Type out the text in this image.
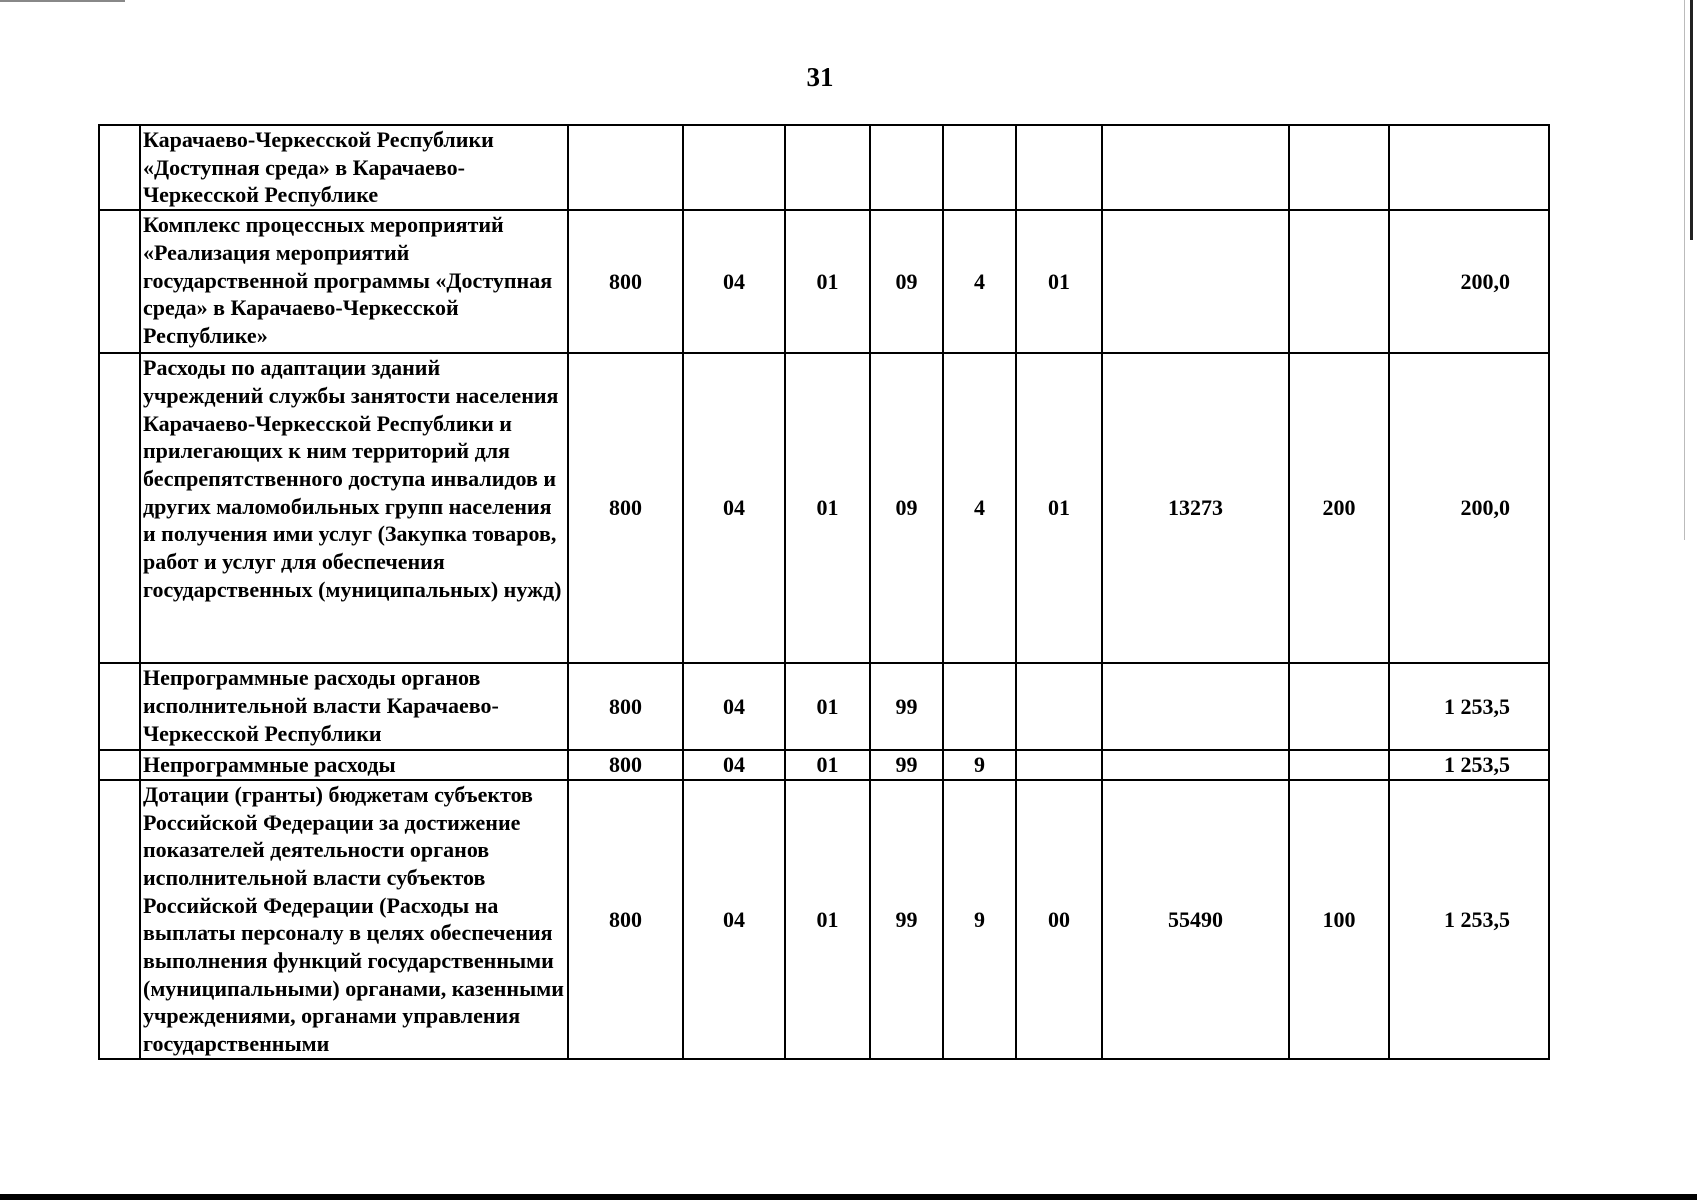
31
	Карачаево-Черкесской Республики «Доступная среда» в Карачаево-Черкесской Республике									
	Комплекс процессных мероприятий «Реализация мероприятий государственной программы «Доступная среда» в Карачаево-Черкесской Республике»	800	04	01	09	4	01			200,0
	Расходы по адаптации зданий учреждений службы занятости населения Карачаево-Черкесской Республики и прилегающих к ним территорий для беспрепятственного доступа инвалидов и других маломобильных групп населения и получения ими услуг (Закупка товаров, работ и услуг для обеспечения государственных (муниципальных) нужд)	800	04	01	09	4	01	13273	200	200,0
	Непрограммные расходы органов исполнительной власти Карачаево-Черкесской Республики	800	04	01	99					1 253,5
	Непрограммные расходы	800	04	01	99	9				1 253,5
	Дотации (гранты) бюджетам субъектов Российской Федерации за достижение показателей деятельности органов исполнительной власти субъектов Российской Федерации (Расходы на выплаты персоналу в целях обеспечения выполнения функций государственными (муниципальными) органами, казенными учреждениями, органами управления государственными	800	04	01	99	9	00	55490	100	1 253,5
